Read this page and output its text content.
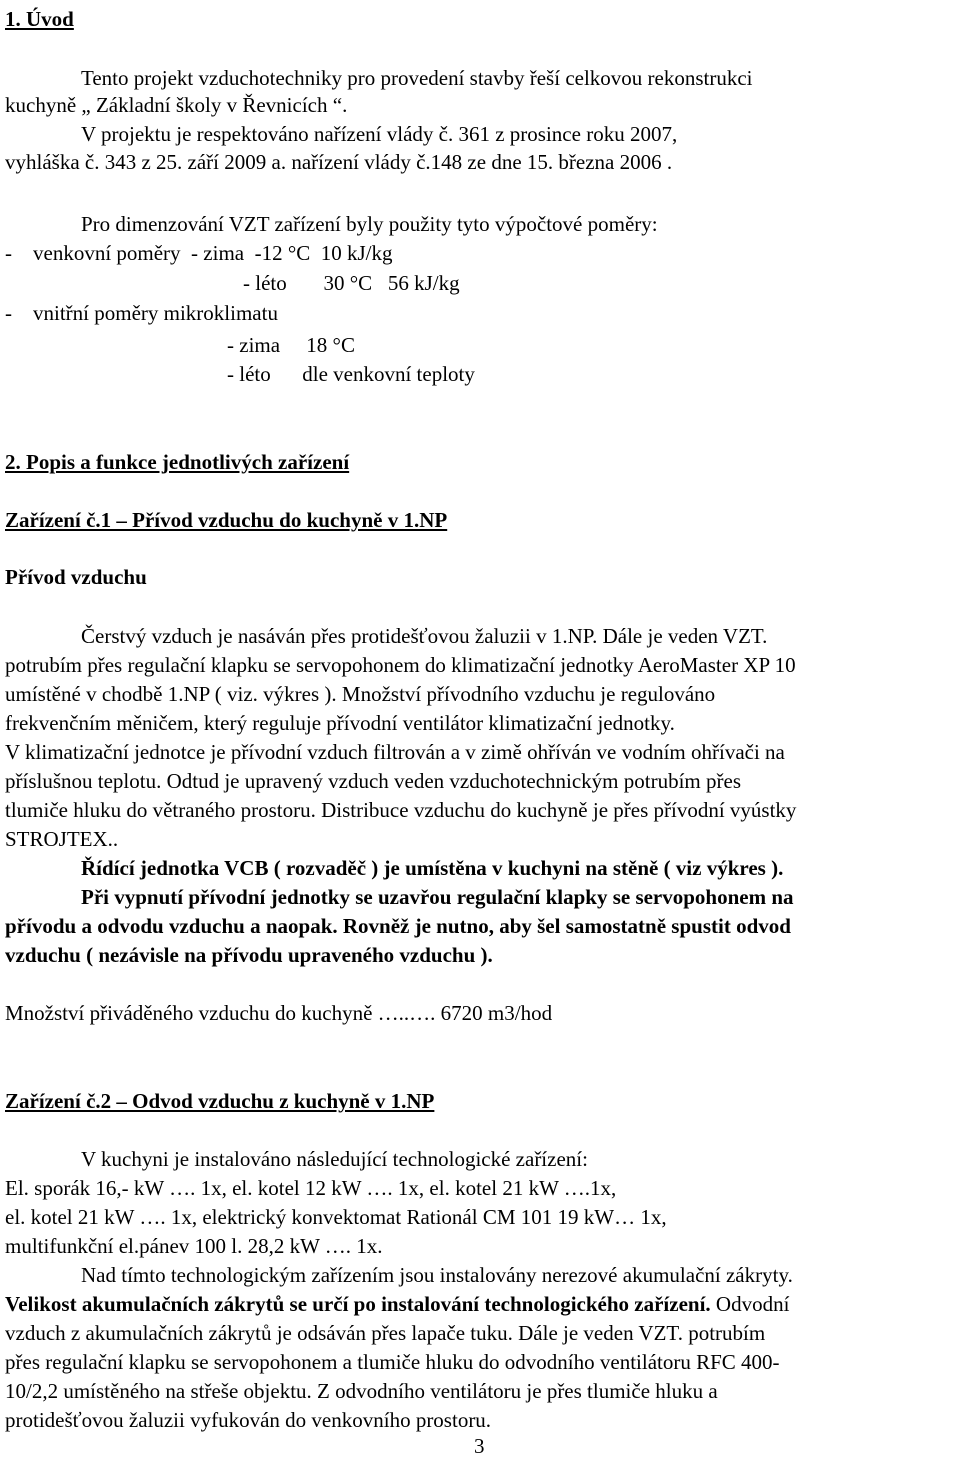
1. Úvod
Tento projekt vzduchotechniky pro provedení stavby řeší celkovou rekonstrukci
kuchyně „ Základní školy v Řevnicích “.
V projektu je respektováno nařízení vlády č. 361 z prosince roku 2007,
vyhláška č. 343 z 25. září 2009 a. nařízení vlády č.148 ze dne 15. března 2006 .
Pro dimenzování VZT zařízení byly použity tyto výpočtové poměry:
-    venkovní poměry  - zima  -12 °C  10 kJ/kg
- léto       30 °C   56 kJ/kg
-    vnitřní poměry mikroklimatu
- zima     18 °C
- léto      dle venkovní teploty
2. Popis a funkce jednotlivých zařízení
Zařízení č.1 – Přívod vzduchu do kuchyně v 1.NP
Přívod vzduchu
Čerstvý vzduch je nasáván přes protidešťovou žaluzii v 1.NP. Dále je veden VZT.
potrubím přes regulační klapku se servopohonem do klimatizační jednotky AeroMaster XP 10
umístěné v chodbě 1.NP ( viz. výkres ). Množství přívodního vzduchu je regulováno
frekvenčním měničem, který reguluje přívodní ventilátor klimatizační jednotky.
V klimatizační jednotce je přívodní vzduch filtrován a v zimě ohříván ve vodním ohřívači na
příslušnou teplotu. Odtud je upravený vzduch veden vzduchotechnickým potrubím přes
tlumiče hluku do větraného prostoru. Distribuce vzduchu do kuchyně je přes přívodní vyústky
STROJTEX..
Řídící jednotka VCB ( rozvaděč ) je umístěna v kuchyni na stěně ( viz výkres ).
Při vypnutí přívodní jednotky se uzavřou regulační klapky se servopohonem na
přívodu a odvodu vzduchu a naopak. Rovněž je nutno, aby šel samostatně spustit odvod
vzduchu ( nezávisle na přívodu upraveného vzduchu ).
Množství přiváděného vzduchu do kuchyně …..…. 6720 m3/hod
Zařízení č.2 – Odvod vzduchu z kuchyně v 1.NP
V kuchyni je instalováno následující technologické zařízení:
El. sporák 16,- kW …. 1x, el. kotel 12 kW …. 1x, el. kotel 21 kW ….1x,
el. kotel 21 kW …. 1x, elektrický konvektomat Rationál CM 101 19 kW… 1x,
multifunkční el.pánev 100 l. 28,2 kW …. 1x.
Nad tímto technologickým zařízením jsou instalovány nerezové akumulační zákryty.
Velikost akumulačních zákrytů se určí po instalování technologického zařízení. Odvodní
vzduch z akumulačních zákrytů je odsáván přes lapače tuku. Dále je veden VZT. potrubím
přes regulační klapku se servopohonem a tlumiče hluku do odvodního ventilátoru RFC 400-
10/2,2 umístěného na střeše objektu. Z odvodního ventilátoru je přes tlumiče hluku a
protidešťovou žaluzii vyfukován do venkovního prostoru.
3
